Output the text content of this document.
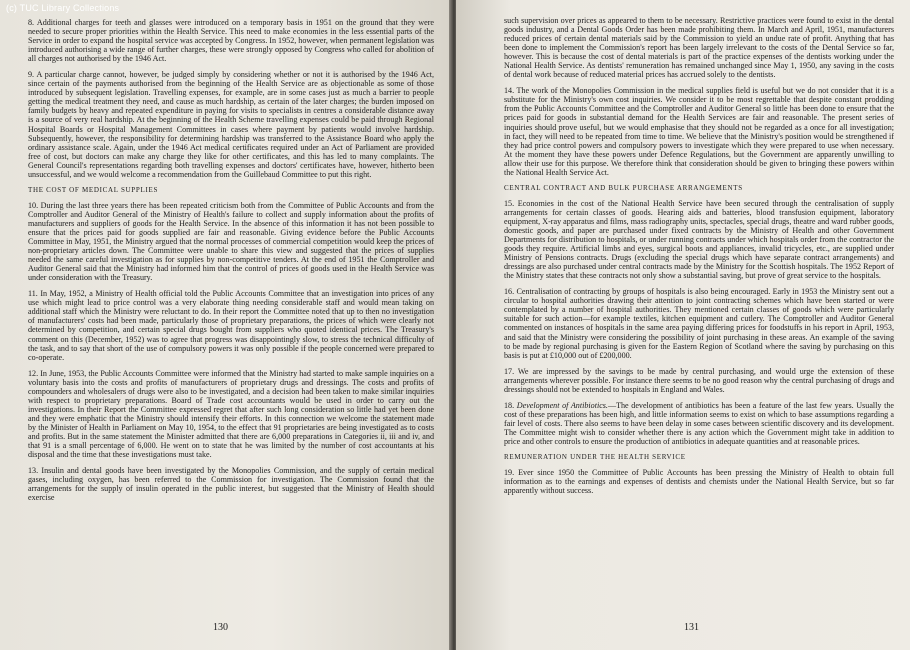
(c) TUC Library Collections

8. Additional charges for teeth and glasses were introduced on a temporary basis in 1951 on the ground that they were needed to secure proper priorities within the Health Service. This need to make economies in the less essential parts of the Service in order to expand the hospital service was accepted by Congress. In 1952, however, when permanent legislation was introduced authorising a wide range of further charges, these were strongly opposed by Congress who called for abolition of all charges not authorised by the 1946 Act.

9. A particular charge cannot, however, be judged simply by considering whether or not it is authorised by the 1946 Act, since certain of the payments authorised from the beginning of the Health Service are as objectionable as some of those introduced by subsequent legislation. Travelling expenses, for example, are in some cases just as much a barrier to people getting the medical treatment they need, and cause as much hardship, as certain of the later charges; the burden imposed on family budgets by heavy and repeated expenditure in paying for visits to specialists in centres a considerable distance away is a source of very real hardship. At the beginning of the Health Scheme travelling expenses could be paid through Regional Hospital Boards or Hospital Management Committees in cases where payment by patients would involve hardship. Subsequently, however, the responsibility for determining hardship was transferred to the Assistance Board who apply the ordinary assistance scale. Again, under the 1946 Act medical certificates required under an Act of Parliament are provided free of cost, but doctors can make any charge they like for other certificates, and this has led to many complaints. The General Council's representations regarding both travelling expenses and doctors' certificates have, however, hitherto been unsuccessful, and we would welcome a recommendation from the Guillebaud Committee to put this right.

THE COST OF MEDICAL SUPPLIES

10. During the last three years there has been repeated criticism both from the Committee of Public Accounts and from the Comptroller and Auditor General of the Ministry of Health's failure to collect and supply information about the profits of manufacturers and suppliers of goods for the Health Service. In the absence of this information it has not been possible to ensure that the prices paid for goods supplied are fair and reasonable. Giving evidence before the Public Accounts Committee in May, 1951, the Ministry argued that the normal processes of commercial competition would keep the prices of non-proprietary articles down. The Committee were unable to share this view and suggested that the prices of supplies needed the same careful investigation as for supplies by non-competitive tenders. At the end of 1951 the Comptroller and Auditor General said that the Ministry had informed him that the control of prices of goods used in the Health Service was under consideration with the Treasury.

11. In May, 1952, a Ministry of Health official told the Public Accounts Committee that an investigation into prices of any use which might lead to price control was a very elaborate thing needing considerable staff and would mean taking on additional staff which the Ministry were reluctant to do. In their report the Committee noted that up to then no investigation of manufacturers' costs had been made, particularly those of proprietary preparations, the prices of which were clearly not determined by competition, and certain special drugs bought from suppliers who quoted identical prices. The Treasury's comment on this (December, 1952) was to agree that progress was disappointingly slow, to stress the technical difficulty of the task, and to say that short of the use of compulsory powers it was only possible if the people concerned were prepared to co-operate.

12. In June, 1953, the Public Accounts Committee were informed that the Ministry had started to make sample inquiries on a voluntary basis into the costs and profits of manufacturers of proprietary drugs and dressings. The costs and profits of compounders and wholesalers of drugs were also to be investigated, and a decision had been taken to make similar inquiries with respect to proprietary preparations. Board of Trade cost accountants would be used in order to carry out the investigations. In their Report the Committee expressed regret that after such long consideration so little had yet been done and they were emphatic that the Ministry should intensify their efforts. In this connection we welcome the statement made by the Minister of Health in Parliament on May 10, 1954, to the effect that 91 proprietaries are being investigated as to costs and profits. But in the same statement the Minister admitted that there are 6,000 preparations in Categories ii, iii and iv, and that 91 is a small percentage of 6,000. He went on to state that he was limited by the number of cost accountants at his disposal and the time that these investigations must take.

13. Insulin and dental goods have been investigated by the Monopolies Commission, and the supply of certain medical gases, including oxygen, has been referred to the Commission for investigation. The Commission found that the arrangements for the supply of insulin operated in the public interest, but suggested that the Ministry of Health should exercise

130

such supervision over prices as appeared to them to be necessary. Restrictive practices were found to exist in the dental goods industry, and a Dental Goods Order has been made prohibiting them. In March and April, 1951, manufacturers reduced prices of certain dental materials said by the Commission to yield an undue rate of profit. Anything that has been done to implement the Commission's report has been largely irrelevant to the costs of the Dental Service so far, however. This is because the cost of dental materials is part of the practice expenses of the dentists working under the National Health Service. As dentists' remuneration has remained unchanged since May 1, 1950, any saving in the costs of dental work because of reduced material prices has accrued solely to the dentists.

14. The work of the Monopolies Commission in the medical supplies field is useful but we do not consider that it is a substitute for the Ministry's own cost inquiries. We consider it to be most regrettable that despite constant prodding from the Public Accounts Committee and the Comptroller and Auditor General so little has been done to ensure that the prices paid for goods in substantial demand for the Health Services are fair and reasonable. The present series of inquiries should prove useful, but we would emphasise that they should not be regarded as a once for all investigation; in fact, they will need to be repeated from time to time. We believe that the Ministry's position would be strengthened if they had price control powers and compulsory powers to investigate which they were prepared to use when necessary. At the moment they have these powers under Defence Regulations, but the Government are apparently unwilling to allow their use for this purpose. We therefore think that consideration should be given to bringing these powers within the National Health Service Act.

CENTRAL CONTRACT AND BULK PURCHASE ARRANGEMENTS

15. Economies in the cost of the National Health Service have been secured through the centralisation of supply arrangements for certain classes of goods. Hearing aids and batteries, blood transfusion equipment, laboratory equipment, X-ray apparatus and films, mass radiography units, spectacles, special drugs, theatre and ward rubber goods, domestic goods, and paper are purchased under fixed contracts by the Ministry of Health and other Government Departments for distribution to hospitals, or under running contracts under which hospitals order from the contractor the goods they require. Artificial limbs and eyes, surgical boots and appliances, invalid tricycles, etc., are supplied under Ministry of Pensions contracts. Drugs (excluding the special drugs which have separate contract arrangements) and dressings are also purchased under central contracts made by the Ministry for the Scottish hospitals. The 1952 Report of the Ministry states that these contracts not only show a substantial saving, but prove of great service to the hospitals.

16. Centralisation of contracting by groups of hospitals is also being encouraged. Early in 1953 the Ministry sent out a circular to hospital authorities drawing their attention to joint contracting schemes which have been started or were contemplated by a number of hospital authorities. They mentioned certain classes of goods which were particularly suitable for such action—for example textiles, kitchen equipment and cutlery. The Comptroller and Auditor General commented on instances of hospitals in the same area paying differing prices for foodstuffs in his report in April, 1953, and said that the Ministry were considering the possibility of joint purchasing in these areas. An example of the saving to be made by regional purchasing is given for the Eastern Region of Scotland where the saving by purchasing on this basis is put at £10,000 out of £200,000.

17. We are impressed by the savings to be made by central purchasing, and would urge the extension of these arrangements wherever possible. For instance there seems to be no good reason why the central purchasing of drugs and dressings should not be extended to hospitals in England and Wales.

18. Development of Antibiotics.—The development of antibiotics has been a feature of the last few years. Usually the cost of these preparations has been high, and little information seems to exist on which to base assumptions regarding a fair level of costs. There also seems to have been delay in some cases between scientific discovery and its development. The Committee might wish to consider whether there is any action which the Government might take in addition to price and other controls to ensure the production of antibiotics in adequate quantities and at reasonable prices.

REMUNERATION UNDER THE HEALTH SERVICE

19. Ever since 1950 the Committee of Public Accounts has been pressing the Ministry of Health to obtain full information as to the earnings and expenses of dentists and chemists under the National Health Service, but so far apparently without success.

131
